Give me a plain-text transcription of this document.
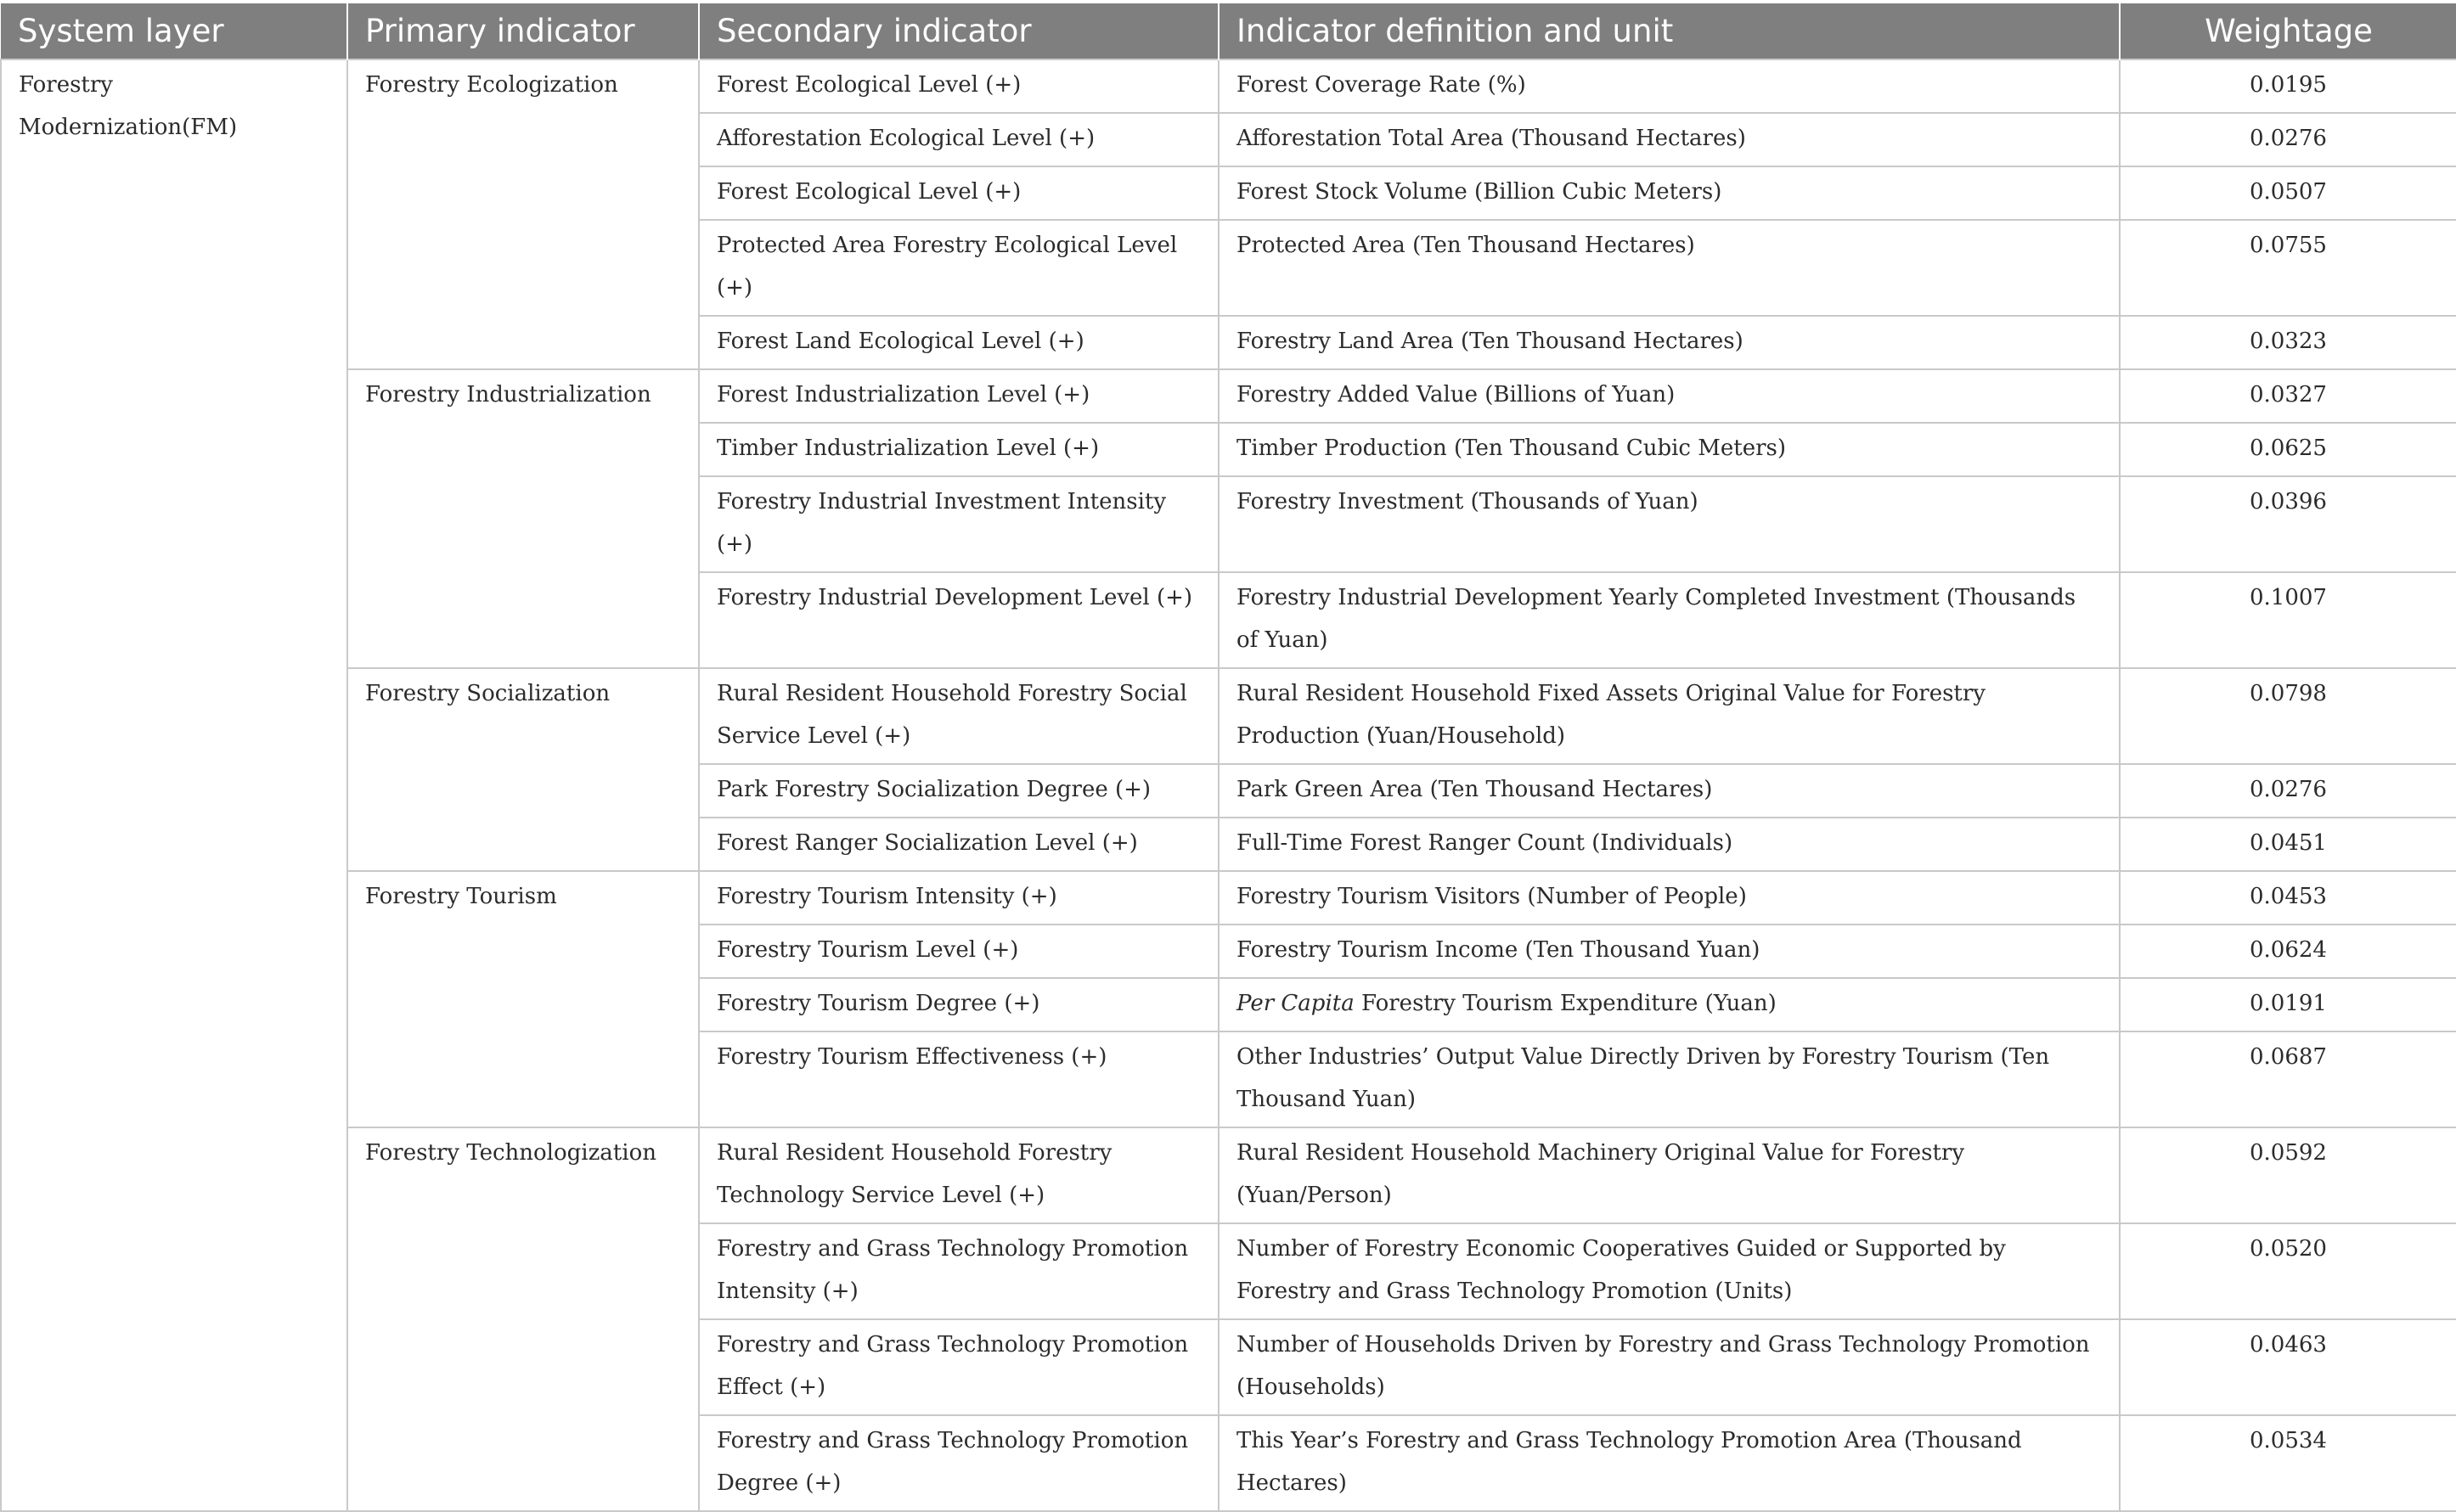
System layer	Primary indicator	Secondary indicator	Indicator definition and unit	Weightage
Forestry Modernization(FM)	Forestry Ecologization	Forest Ecological Level (+)	Forest Coverage Rate (%)	0.0195
		Afforestation Ecological Level (+)	Afforestation Total Area (Thousand Hectares)	0.0276
		Forest Ecological Level (+)	Forest Stock Volume (Billion Cubic Meters)	0.0507
		Protected Area Forestry Ecological Level (+)	Protected Area (Ten Thousand Hectares)	0.0755
		Forest Land Ecological Level (+)	Forestry Land Area (Ten Thousand Hectares)	0.0323
	Forestry Industrialization	Forest Industrialization Level (+)	Forestry Added Value (Billions of Yuan)	0.0327
		Timber Industrialization Level (+)	Timber Production (Ten Thousand Cubic Meters)	0.0625
		Forestry Industrial Investment Intensity (+)	Forestry Investment (Thousands of Yuan)	0.0396
		Forestry Industrial Development Level (+)	Forestry Industrial Development Yearly Completed Investment (Thousands of Yuan)	0.1007
	Forestry Socialization	Rural Resident Household Forestry Social Service Level (+)	Rural Resident Household Fixed Assets Original Value for Forestry Production (Yuan/Household)	0.0798
		Park Forestry Socialization Degree (+)	Park Green Area (Ten Thousand Hectares)	0.0276
		Forest Ranger Socialization Level (+)	Full-Time Forest Ranger Count (Individuals)	0.0451
	Forestry Tourism	Forestry Tourism Intensity (+)	Forestry Tourism Visitors (Number of People)	0.0453
		Forestry Tourism Level (+)	Forestry Tourism Income (Ten Thousand Yuan)	0.0624
		Forestry Tourism Degree (+)	Per Capita Forestry Tourism Expenditure (Yuan)	0.0191
		Forestry Tourism Effectiveness (+)	Other Industries’ Output Value Directly Driven by Forestry Tourism (Ten Thousand Yuan)	0.0687
	Forestry Technologization	Rural Resident Household Forestry Technology Service Level (+)	Rural Resident Household Machinery Original Value for Forestry (Yuan/Person)	0.0592
		Forestry and Grass Technology Promotion Intensity (+)	Number of Forestry Economic Cooperatives Guided or Supported by Forestry and Grass Technology Promotion (Units)	0.0520
		Forestry and Grass Technology Promotion Effect (+)	Number of Households Driven by Forestry and Grass Technology Promotion (Households)	0.0463
		Forestry and Grass Technology Promotion Degree (+)	This Year’s Forestry and Grass Technology Promotion Area (Thousand Hectares)	0.0534
